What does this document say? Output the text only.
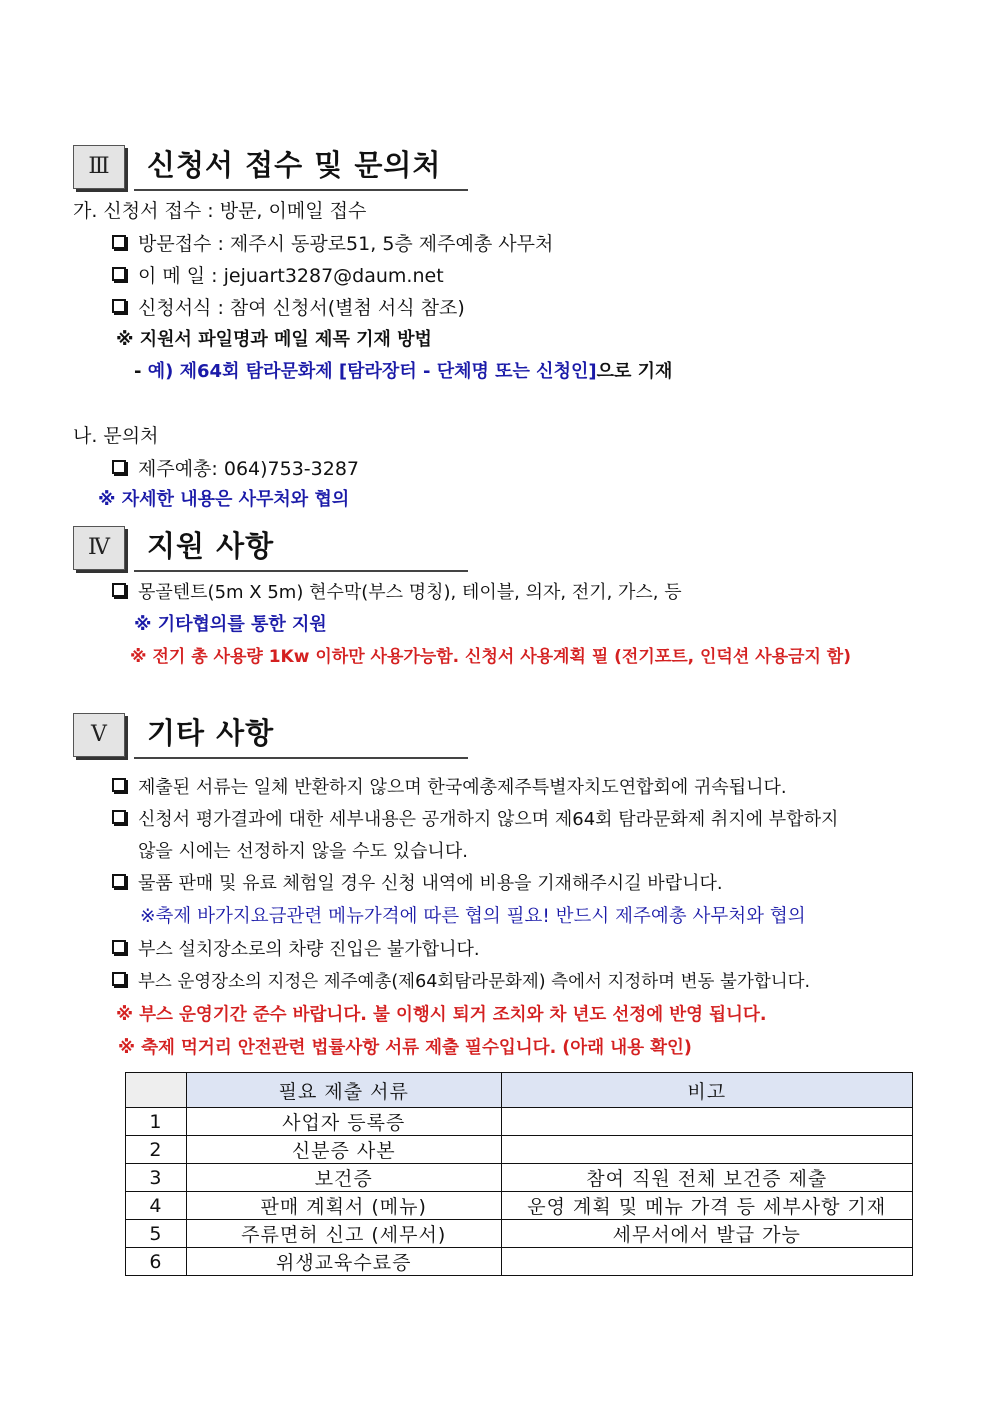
Ⅲ	신청서 접수 및 문의처
가. 신청서 접수 : 방문, 이메일 접수
방문접수 : 제주시 동광로51, 5층 제주예총 사무처
이 메 일 : jejuart3287@daum.net
신청서식 : 참여 신청서(별첨 서식 참조)
※ 지원서 파일명과 메일 제목 기재 방법
- 예) 제64회 탐라문화제 [탐라장터 - 단체명 또는 신청인]으로 기재
나. 문의처
제주예총: 064)753-3287
※ 자세한 내용은 사무처와 협의
Ⅳ	지원 사항
몽골텐트(5m X 5m) 현수막(부스 명칭), 테이블, 의자, 전기, 가스, 등
※ 기타협의를 통한 지원
※ 전기 총 사용량 1Kw 이하만 사용가능함. 신청서 사용계획 필 (전기포트, 인덕션 사용금지 함)
Ⅴ	기타 사항
제출된 서류는 일체 반환하지 않으며 한국예총제주특별자치도연합회에 귀속됩니다.
신청서 평가결과에 대한 세부내용은 공개하지 않으며 제64회 탐라문화제 취지에 부합하지
않을 시에는 선정하지 않을 수도 있습니다.
물품 판매 및 유료 체험일 경우 신청 내역에 비용을 기재해주시길 바랍니다.
※축제 바가지요금관련 메뉴가격에 따른 협의 필요! 반드시 제주예총 사무처와 협의
부스 설치장소로의 차량 진입은 불가합니다.
부스 운영장소의 지정은 제주예총(제64회탐라문화제) 측에서 지정하며 변동 불가합니다.
※ 부스 운영기간 준수 바랍니다. 불 이행시 퇴거 조치와 차 년도 선정에 반영 됩니다.
※ 축제 먹거리 안전관련 법률사항 서류 제출 필수입니다. (아래 내용 확인)
	필요 제출 서류	비고
1	사업자 등록증	
2	신분증 사본	
3	보건증	참여 직원 전체 보건증 제출
4	판매 계획서 (메뉴)	운영 계획 및 메뉴 가격 등 세부사항 기재
5	주류면허 신고 (세무서)	세무서에서 발급 가능
6	위생교육수료증	
